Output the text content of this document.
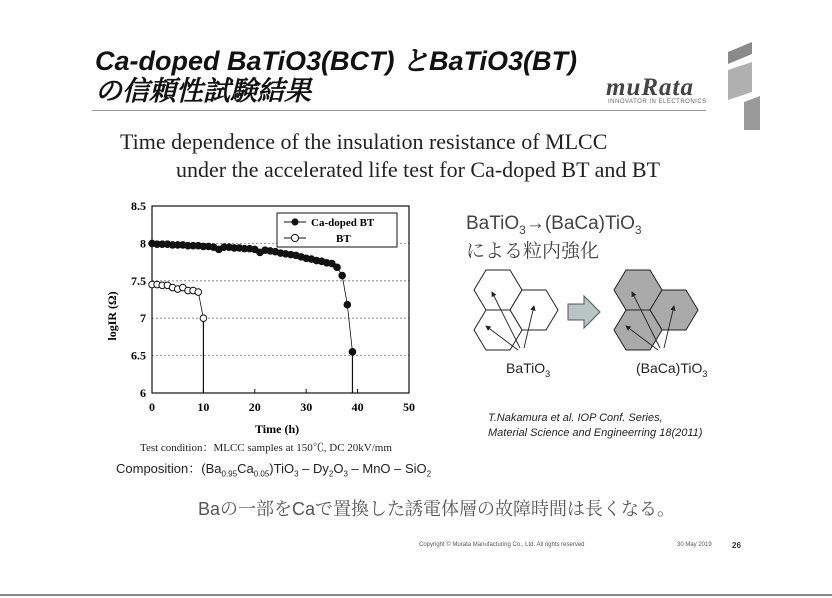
Ca-doped BaTiO3(BCT) とBaTiO3(BT)
の信頼性試験結果	muRata
INNOVATOR IN ELECTRONICS
Time dependence of the insulation resistance of MLCC
under the accelerated life test for Ca-doped BT and BT
6
6.5
7
7.5
8
8.5
0	10	20	30	40	50
Time (h)
logIR (Ω)
Ca-doped BT
BT
Test condition：MLCC samples at 150℃, DC 20kV/mm
Composition：$(Ba_{0.95}Ca_{0.05})TiO_3 - Dy_2O_3$ – MnO – SiO$_2$
BaTiO$_3$→(BaCa)TiO$_3$
による粒内強化
BaTiO$_3$	(BaCa)TiO$_3$
T.Nakamura et al. IOP Conf. Series,
Material Science and Engineerring 18(2011)
Baの一部をCaで置換した誘電体層の故障時間は長くなる。
Copyright © Murata Manufacturing Co., Ltd. All rights reserved	30 May 2019	26
